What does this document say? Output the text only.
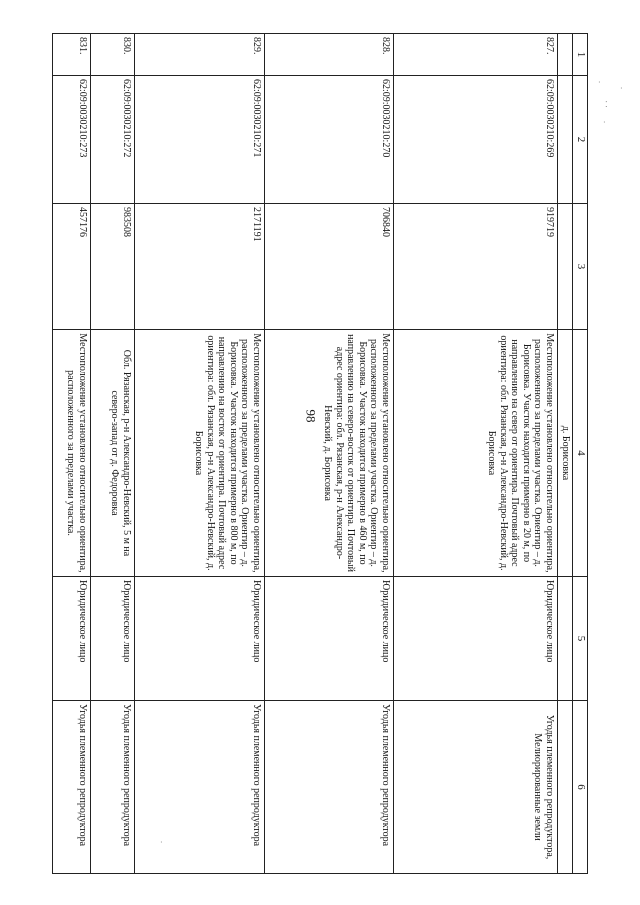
98
1	2	3	4	5	6
			д. Борисовка		
827.	62:09:0030210:269	919719	Местоположение установлено относительно ориентира, расположенного за пределами участка. Ориентир – д. Борисовка. Участок находится примерно в 20 м, по направлению на север от ориентира. Почтовый адрес ориентира: обл. Рязанская, р-н Александро-Невский, д. Борисовка	Юридическое лицо	Угодья племенного репродуктора, Мелиорированные земли
828.	62:09:0030210:270	706840	Местоположение установлено относительно ориентира, расположенного за пределами участка. Ориентир – д. Борисовка. Участок находится примерно в 460 м, по направлению на северо-восток от ориентира. Почтовый адрес ориентира: обл. Рязанская, р-н Александро-Невский, д. Борисовка	Юридическое лицо	Угодья племенного репродуктора
829.	62:09:0030210:271	2171191	Местоположение установлено относительно ориентира, расположенного за пределами участка. Ориентир – д. Борисовка. Участок находится примерно в 800 м, по направлению на восток от ориентира. Почтовый адрес ориентира: обл. Рязанская, р-н Александро-Невский, д. Борисовка	Юридическое лицо	Угодья племенного репродуктора
830.	62:09:0030210:272	983508	Обл. Рязанская, р-н Александро-Невский, 5 м на северо-запад от д. Федоровка	Юридическое лицо	Угодья племенного репродуктора
831.	62:09:0030210:273	457176	Местоположение установлено относительно ориентира, расположенного за пределами участка.	Юридическое лицо	Угодья племенного репродуктора
·
⁚
·
·
·
